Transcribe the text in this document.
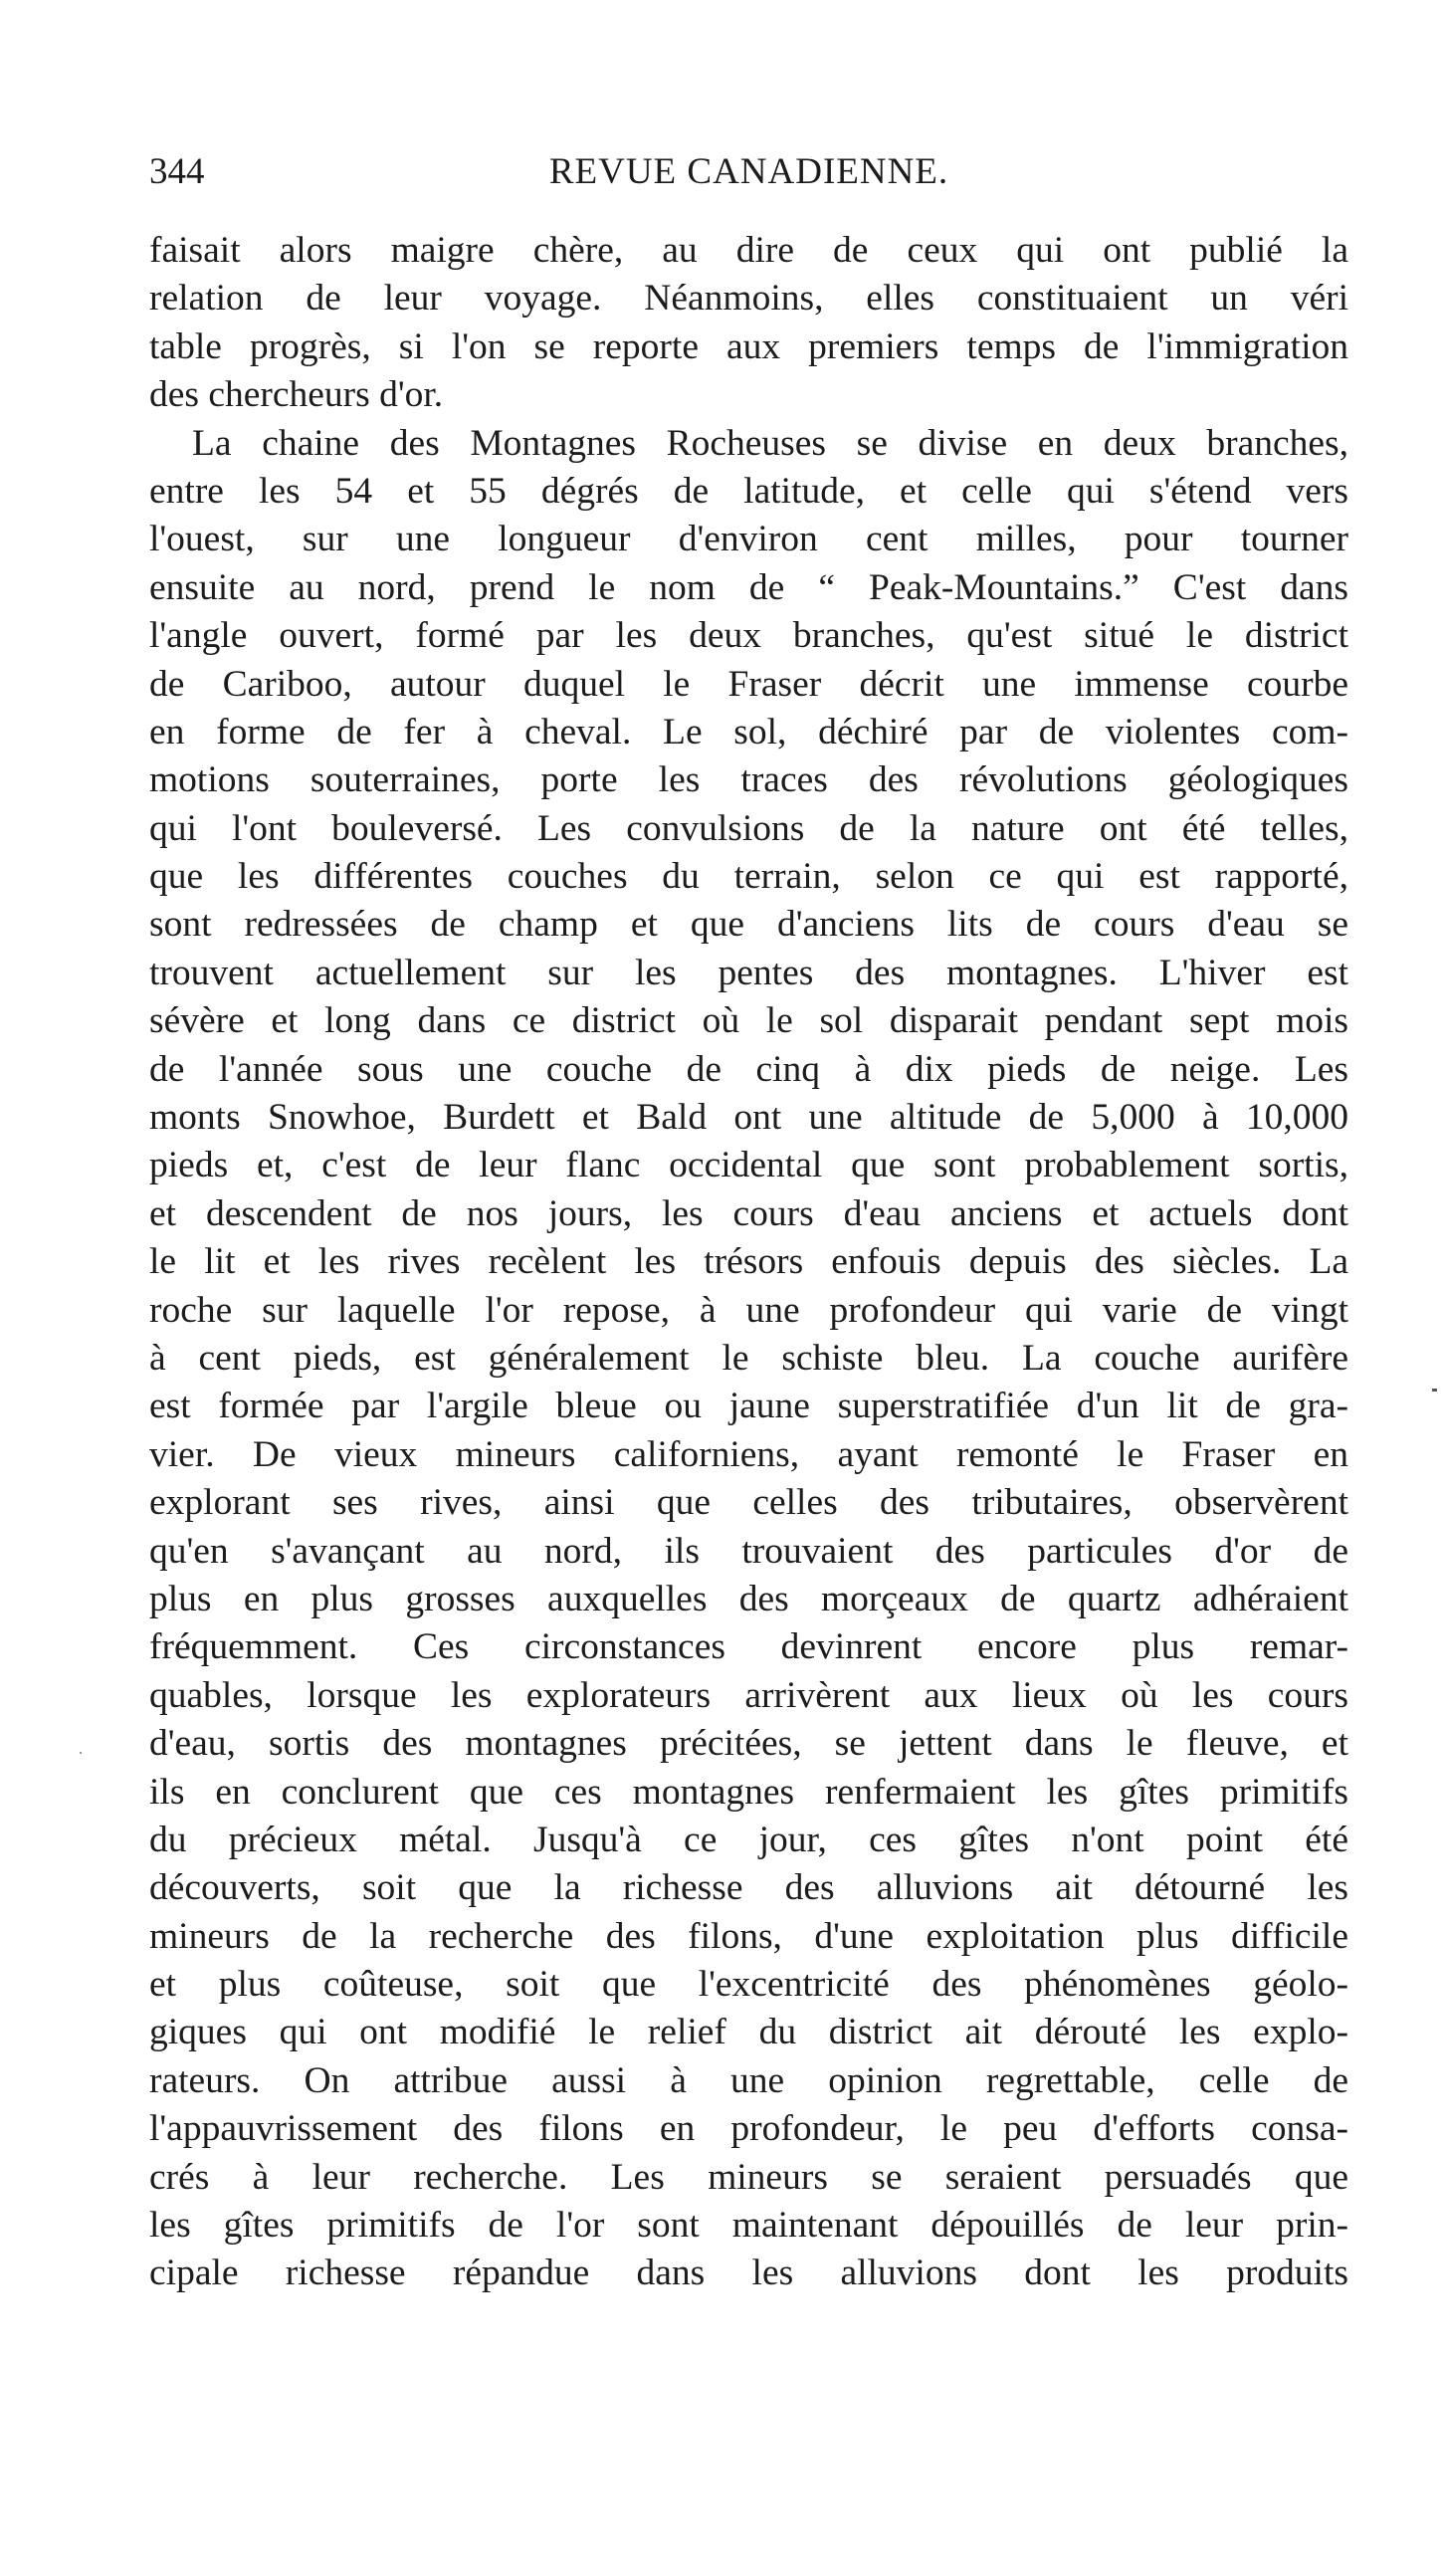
344	REVUE CANADIENNE.
faisait alors maigre chère, au dire de ceux qui ont publié la
relation de leur voyage. Néanmoins, elles constituaient un véri
table progrès, si l'on se reporte aux premiers temps de l'immigration
des chercheurs d'or.
La chaine des Montagnes Rocheuses se divise en deux branches,
entre les 54 et 55 dégrés de latitude, et celle qui s'étend vers
l'ouest, sur une longueur d'environ cent milles, pour tourner
ensuite au nord, prend le nom de “ Peak-Mountains.” C'est dans
l'angle ouvert, formé par les deux branches, qu'est situé le district
de Cariboo, autour duquel le Fraser décrit une immense courbe
en forme de fer à cheval. Le sol, déchiré par de violentes com-
motions souterraines, porte les traces des révolutions géologiques
qui l'ont bouleversé. Les convulsions de la nature ont été telles,
que les différentes couches du terrain, selon ce qui est rapporté,
sont redressées de champ et que d'anciens lits de cours d'eau se
trouvent actuellement sur les pentes des montagnes. L'hiver est
sévère et long dans ce district où le sol disparait pendant sept mois
de l'année sous une couche de cinq à dix pieds de neige. Les
monts Snowhoe, Burdett et Bald ont une altitude de 5,000 à 10,000
pieds et, c'est de leur flanc occidental que sont probablement sortis,
et descendent de nos jours, les cours d'eau anciens et actuels dont
le lit et les rives recèlent les trésors enfouis depuis des siècles. La
roche sur laquelle l'or repose, à une profondeur qui varie de vingt
à cent pieds, est généralement le schiste bleu. La couche aurifère
est formée par l'argile bleue ou jaune superstratifiée d'un lit de gra-
vier. De vieux mineurs californiens, ayant remonté le Fraser en
explorant ses rives, ainsi que celles des tributaires, observèrent
qu'en s'avançant au nord, ils trouvaient des particules d'or de
plus en plus grosses auxquelles des morçeaux de quartz adhéraient
fréquemment. Ces circonstances devinrent encore plus remar-
quables, lorsque les explorateurs arrivèrent aux lieux où les cours
d'eau, sortis des montagnes précitées, se jettent dans le fleuve, et
ils en conclurent que ces montagnes renfermaient les gîtes primitifs
du précieux métal. Jusqu'à ce jour, ces gîtes n'ont point été
découverts, soit que la richesse des alluvions ait détourné les
mineurs de la recherche des filons, d'une exploitation plus difficile
et plus coûteuse, soit que l'excentricité des phénomènes géolo-
giques qui ont modifié le relief du district ait dérouté les explo-
rateurs. On attribue aussi à une opinion regrettable, celle de
l'appauvrissement des filons en profondeur, le peu d'efforts consa-
crés à leur recherche. Les mineurs se seraient persuadés que
les gîtes primitifs de l'or sont maintenant dépouillés de leur prin-
cipale richesse répandue dans les alluvions dont les produits
